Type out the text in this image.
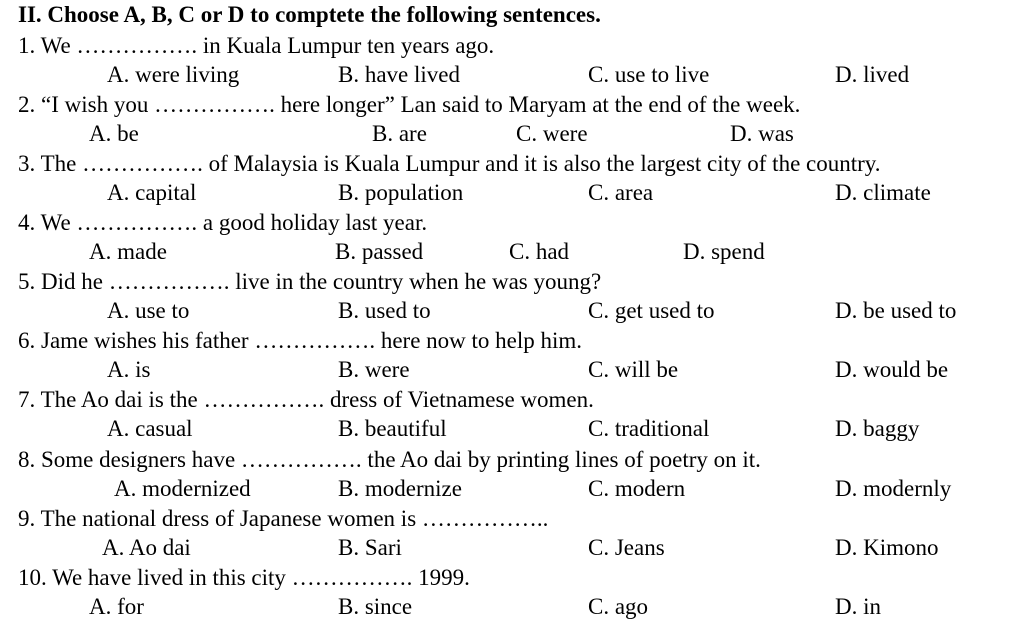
II. Choose A, B, C or D to comptete the following sentences.
1. We ……………. in Kuala Lumpur ten years ago.
A. were living	B. have lived	C. use to live	D. lived
2. “I wish you ……………. here longer” Lan said to Maryam at the end of the week.
A. be	B. are	C. were	D. was
3. The ……………. of Malaysia is Kuala Lumpur and it is also the largest city of the country.
A. capital	B. population	C. area	D. climate
4. We ……………. a good holiday last year.
A. made	B. passed	C. had	D. spend
5. Did he ……………. live in the country when he was young?
A. use to	B. used to	C. get used to	D. be used to
6. Jame wishes his father ……………. here now to help him.
A. is	B. were	C. will be	D. would be
7. The Ao dai is the ……………. dress of Vietnamese women.
A. casual	B. beautiful	C. traditional	D. baggy
8. Some designers have ……………. the Ao dai by printing lines of poetry on it.
A. modernized	B. modernize	C. modern	D. modernly
9. The national dress of Japanese women is ……………..
A. Ao dai	B. Sari	C. Jeans	D. Kimono
10. We have lived in this city ……………. 1999.
A. for	B. since	C. ago	D. in
